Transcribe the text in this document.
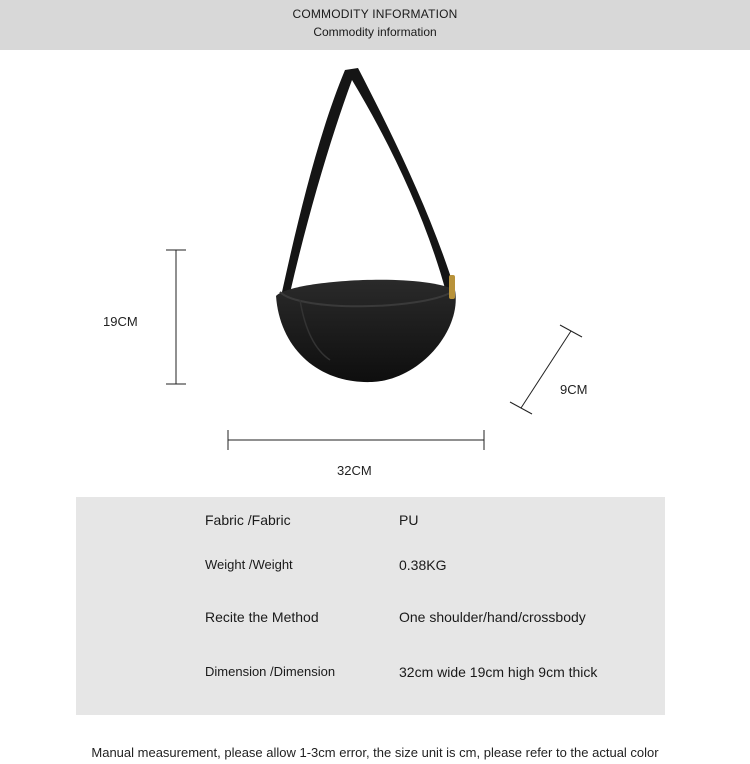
COMMODITY INFORMATION
Commodity information
19CM
32CM
9CM
Fabric /Fabric	PU
Weight /Weight	0.38KG
Recite the Method	One shoulder/hand/crossbody
Dimension /Dimension	32cm wide 19cm high 9cm thick
Manual measurement, please allow 1-3cm error, the size unit is cm, please refer to the actual color
